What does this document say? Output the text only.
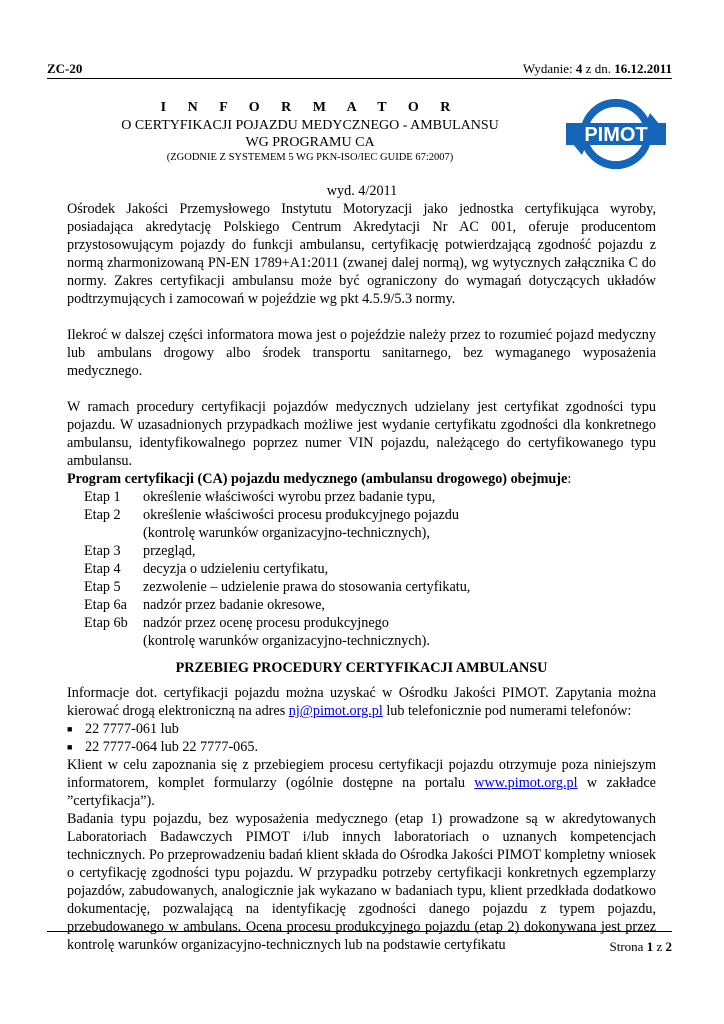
ZC-20	Wydanie: 4 z dn. 16.12.2011
I N F O R M A T O R
O CERTYFIKACJI POJAZDU MEDYCZNEGO - AMBULANSU
WG PROGRAMU CA
(ZGODNIE Z SYSTEMEM 5 WG PKN-ISO/IEC GUIDE 67:2007)
PIMOT
wyd. 4/2011

Ośrodek Jakości Przemysłowego Instytutu Motoryzacji jako jednostka certyfikująca wyroby, posiadająca akredytację Polskiego Centrum Akredytacji Nr AC 001, oferuje producentom przystosowującym pojazdy do funkcji ambulansu, certyfikację potwierdzającą zgodność pojazdu z normą zharmonizowaną PN-EN 1789+A1:2011 (zwanej dalej normą), wg wytycznych załącznika C do normy. Zakres certyfikacji ambulansu może być ograniczony do wymagań dotyczących układów podtrzymujących i zamocowań w pojeździe wg pkt 4.5.9/5.3 normy.

Ilekroć w dalszej części informatora mowa jest o pojeździe należy przez to rozumieć pojazd medyczny lub ambulans drogowy albo środek transportu sanitarnego, bez wymaganego wyposażenia medycznego.

W ramach procedury certyfikacji pojazdów medycznych udzielany jest certyfikat zgodności typu pojazdu. W uzasadnionych przypadkach możliwe jest wydanie certyfikatu zgodności dla konkretnego ambulansu, identyfikowalnego poprzez numer VIN pojazdu, należącego do certyfikowanego typu ambulansu.

Program certyfikacji (CA) pojazdu medycznego (ambulansu drogowego) obejmuje:

Etap 1	określenie właściwości wyrobu przez badanie typu,
Etap 2	określenie właściwości procesu produkcyjnego pojazdu
(kontrolę warunków organizacyjno-technicznych),
Etap 3	przegląd,
Etap 4	decyzja o udzieleniu certyfikatu,
Etap 5	zezwolenie – udzielenie prawa do stosowania certyfikatu,
Etap 6a	nadzór przez badanie okresowe,
Etap 6b	nadzór przez ocenę procesu produkcyjnego
(kontrolę warunków organizacyjno-technicznych).
PRZEBIEG PROCEDURY CERTYFIKACJI AMBULANSU

Informacje dot. certyfikacji pojazdu można uzyskać w Ośrodku Jakości PIMOT. Zapytania można kierować drogą elektroniczną na adres nj@pimot.org.pl lub telefonicznie pod numerami telefonów:

■ 22 7777-061 lub
■ 22 7777-064 lub 22 7777-065.

Klient w celu zapoznania się z przebiegiem procesu certyfikacji pojazdu otrzymuje poza niniejszym informatorem, komplet formularzy (ogólnie dostępne na portalu www.pimot.org.pl w zakładce ”certyfikacja”).

Badania typu pojazdu, bez wyposażenia medycznego (etap 1) prowadzone są w akredytowanych Laboratoriach Badawczych PIMOT i/lub innych laboratoriach o uznanych kompetencjach technicznych. Po przeprowadzeniu badań klient składa do Ośrodka Jakości PIMOT kompletny wniosek o certyfikację zgodności typu pojazdu. W przypadku potrzeby certyfikacji konkretnych egzemplarzy pojazdów, zabudowanych, analogicznie jak wykazano w badaniach typu, klient przedkłada dodatkowo dokumentację, pozwalającą na identyfikację zgodności danego pojazdu z typem pojazdu, przebudowanego w ambulans. Ocena procesu produkcyjnego pojazdu (etap 2) dokonywana jest przez kontrolę warunków organizacyjno-technicznych lub na podstawie certyfikatu	Strona 1 z 2
